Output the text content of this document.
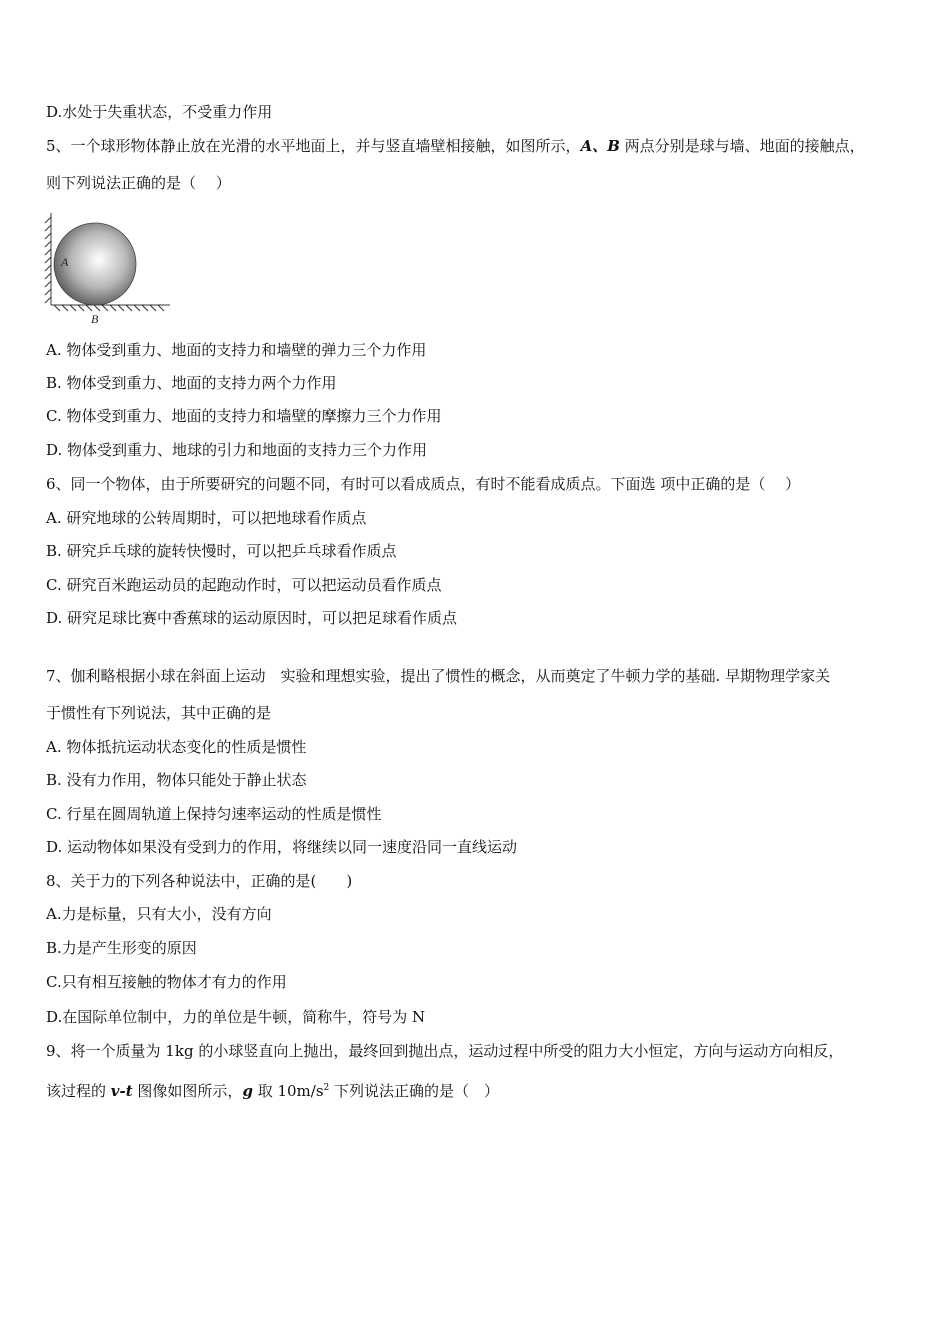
D.水处于失重状态，不受重力作用
5、一个球形物体静止放在光滑的水平地面上，并与竖直墙壁相接触，如图所示，A、B 两点分别是球与墙、地面的接触点，
则下列说法正确的是（　 ）
A
B
A. 物体受到重力、地面的支持力和墙壁的弹力三个力作用
B. 物体受到重力、地面的支持力两个力作用
C. 物体受到重力、地面的支持力和墙壁的摩擦力三个力作用
D. 物体受到重力、地球的引力和地面的支持力三个力作用
6、同一个物体，由于所要研究的问题不同，有时可以看成质点，有时不能看成质点。下面选 项中正确的是（　 ）
A. 研究地球的公转周期时，可以把地球看作质点
B. 研究乒乓球的旋转快慢时，可以把乒乓球看作质点
C. 研究百米跑运动员的起跑动作时，可以把运动员看作质点
D. 研究足球比赛中香蕉球的运动原因时，可以把足球看作质点
7、伽利略根据小球在斜面上运动　实验和理想实验，提出了惯性的概念，从而奠定了牛顿力学的基础. 早期物理学家关
于惯性有下列说法，其中正确的是
A. 物体抵抗运动状态变化的性质是惯性
B. 没有力作用，物体只能处于静止状态
C. 行星在圆周轨道上保持匀速率运动的性质是惯性
D. 运动物体如果没有受到力的作用，将继续以同一速度沿同一直线运动
8、关于力的下列各种说法中，正确的是(　　)
A.力是标量，只有大小，没有方向
B.力是产生形变的原因
C.只有相互接触的物体才有力的作用
D.在国际单位制中，力的单位是牛顿，简称牛，符号为 N
9、将一个质量为 1kg 的小球竖直向上抛出，最终回到抛出点，运动过程中所受的阻力大小恒定，方向与运动方向相反，
该过程的 v-t 图像如图所示，g 取 $10m/s^2$ 下列说法正确的是（　）
